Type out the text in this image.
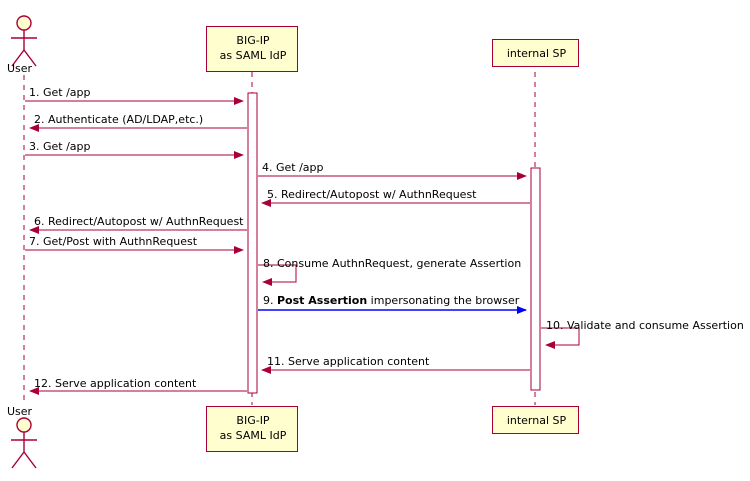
BIG-IP
as SAML IdP	internal SP
BIG-IP
as SAML IdP
internal SP
User
User
1. Get /app
2. Authenticate (AD/LDAP,etc.)
3. Get /app
4. Get /app
5. Redirect/Autopost w/ AuthnRequest
6. Redirect/Autopost w/ AuthnRequest
7. Get/Post with AuthnRequest
8. Consume AuthnRequest, generate Assertion
9. Post Assertion impersonating the browser
10. Validate and consume Assertion
11. Serve application content
12. Serve application content
